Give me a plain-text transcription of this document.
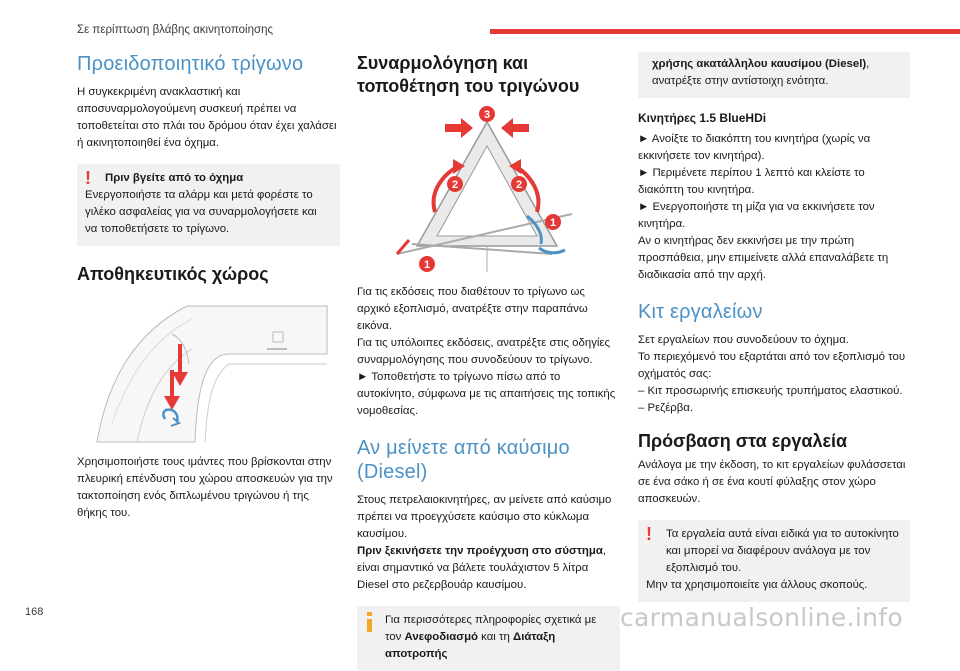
Σε περίπτωση βλάβης ακινητοποίησης
Προειδοποιητικό τρίγωνο

Η συγκεκριμένη ανακλαστική και αποσυναρμολογούμενη συσκευή πρέπει να τοποθετείται στο πλάι του δρόμου όταν έχει χαλάσει ή ακινητοποιηθεί ένα όχημα.

!	Πριν βγείτε από το όχημα

Ενεργοποιήστε τα αλάρμ και μετά φορέστε το γιλέκο ασφαλείας για να συναρμολογήσετε και να τοποθετήσετε το τρίγωνο.

Αποθηκευτικός χώρος

Χρησιμοποιήστε τους ιμάντες που βρίσκονται στην πλευρική επένδυση του χώρου αποσκευών για την τακτοποίηση ενός διπλωμένου τριγώνου ή της θήκης του.

Συναρμολόγηση και τοποθέτηση του τριγώνου
3
2	2
1
1

Για τις εκδόσεις που διαθέτουν το τρίγωνο ως αρχικό εξοπλισμό, ανατρέξτε στην παραπάνω εικόνα.

Για τις υπόλοιπες εκδόσεις, ανατρέξτε στις οδηγίες συναρμολόγησης που συνοδεύουν το τρίγωνο.

► Τοποθετήστε το τρίγωνο πίσω από το αυτοκίνητο, σύμφωνα με τις απαιτήσεις της τοπικής νομοθεσίας.

Αν μείνετε από καύσιμο (Diesel)

Στους πετρελαιοκινητήρες, αν μείνετε από καύσιμο πρέπει να προεγχύσετε καύσιμο στο κύκλωμα καυσίμου.

Πριν ξεκινήσετε την προέγχυση στο σύστημα, είναι σημαντικό να βάλετε τουλάχιστον 5 λίτρα Diesel στο ρεζερβουάρ καυσίμου.

Για περισσότερες πληροφορίες σχετικά με τον Ανεφοδιασμό και τη Διάταξη αποτροπής

χρήσης ακατάλληλου καυσίμου (Diesel), ανατρέξτε στην αντίστοιχη ενότητα.

Κινητήρες 1.5 BlueHDi

► Ανοίξτε το διακόπτη του κινητήρα (χωρίς να εκκινήσετε τον κινητήρα).

► Περιμένετε περίπου 1 λεπτό και κλείστε το διακόπτη του κινητήρα.

► Ενεργοποιήστε τη μίζα για να εκκινήσετε τον κινητήρα.

Αν ο κινητήρας δεν εκκινήσει με την πρώτη προσπάθεια, μην επιμείνετε αλλά επαναλάβετε τη διαδικασία από την αρχή.

Κιτ εργαλείων

Σετ εργαλείων που συνοδεύουν το όχημα.

Το περιεχόμενό του εξαρτάται από τον εξοπλισμό του οχήματός σας:

– Κιτ προσωρινής επισκευής τρυπήματος ελαστικού.

– Ρεζέρβα.

Πρόσβαση στα εργαλεία

Ανάλογα με την έκδοση, το κιτ εργαλείων φυλάσσεται σε ένα σάκο ή σε ένα κουτί φύλαξης στον χώρο αποσκευών.

!	Τα εργαλεία αυτά είναι ειδικά για το αυτοκίνητο και μπορεί να διαφέρουν ανάλογα με τον εξοπλισμό του.

Μην τα χρησιμοποιείτε για άλλους σκοπούς.

168	carmanualsonline.info
